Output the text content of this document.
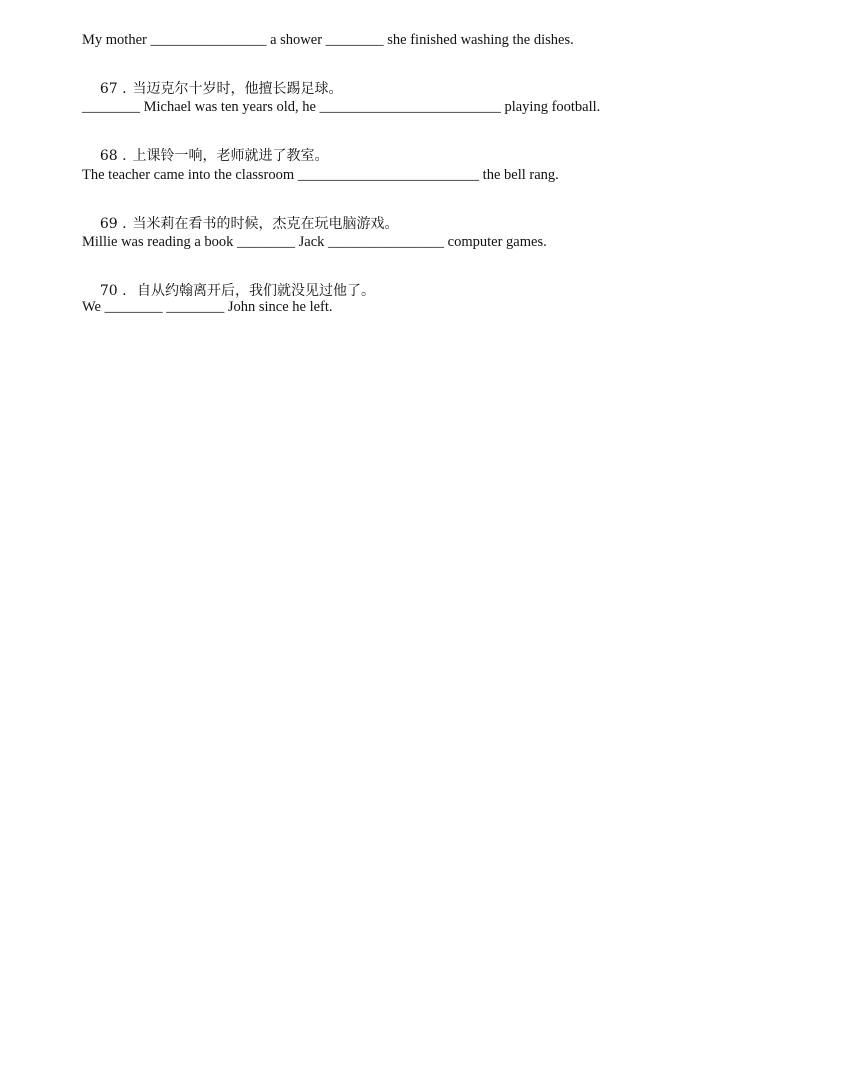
My mother ________________ a shower ________ she finished washing the dishes.

67 . 当迈克尔十岁时，他擅长踢足球。

________ Michael was ten years old, he _________________________ playing football.

68 . 上课铃一响，老师就进了教室。

The teacher came into the classroom _________________________ the bell rang.

69 . 当米莉在看书的时候，杰克在玩电脑游戏。

Millie was reading a book ________ Jack ________________ computer games.

70 . 自从约翰离开后，我们就没见过他了。

We ________ ________ John since he left.
